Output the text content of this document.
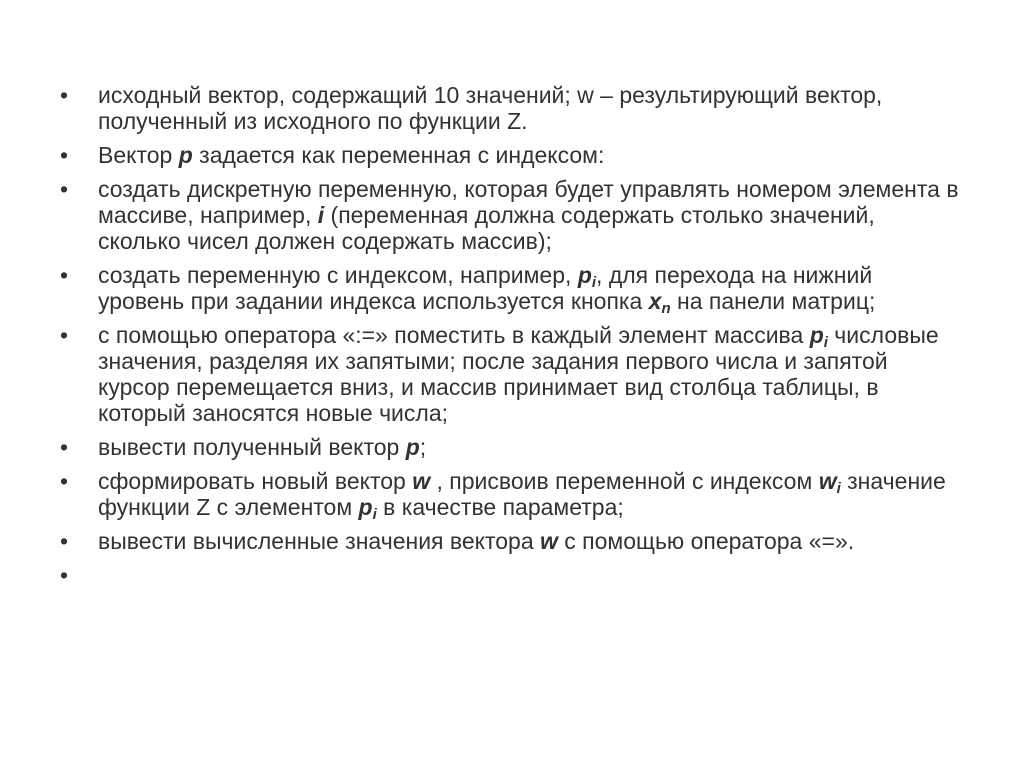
• исходный вектор, содержащий 10 значений; w – результирующий вектор, полученный из исходного по функции Z.
• Вектор p задается как переменная с индексом:
• создать дискретную переменную, которая будет управлять номером элемента в массиве, например, i (переменная должна содержать столько значений, сколько чисел должен содержать массив);
• создать переменную с индексом, например, $p_i$, для перехода на нижний уровень при задании индекса используется кнопка $x_n$ на панели матриц;
• с помощью оператора «:=» поместить в каждый элемент массива $p_i$ числовые значения, разделяя их запятыми; после задания первого числа и запятой курсор перемещается вниз, и массив принимает вид столбца таблицы, в который заносятся новые числа;
• вывести полученный вектор p;
• сформировать новый вектор w , присвоив переменной с индексом $w_i$ значение функции Z с элементом $p_i$ в качестве параметра;
• вывести вычисленные значения вектора w с помощью оператора «=».
•
